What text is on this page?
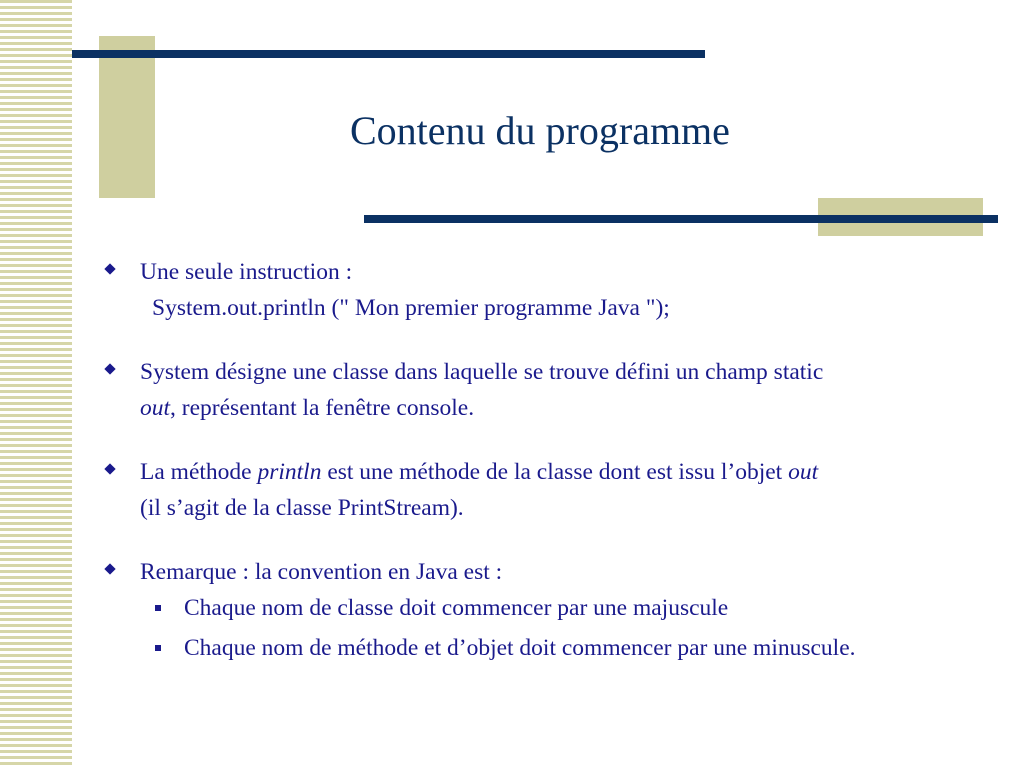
Contenu du programme
Une seule instruction :
System.out.println (" Mon premier programme Java ");
System désigne une classe dans laquelle se trouve défini un champ static
out, représentant la fenêtre console.
La méthode println est une méthode de la classe dont est issu l’objet out
(il s’agit de la classe PrintStream).
Remarque : la convention en Java est :
Chaque nom de classe doit commencer par une majuscule
Chaque nom de méthode et d’objet doit commencer par une minuscule.
